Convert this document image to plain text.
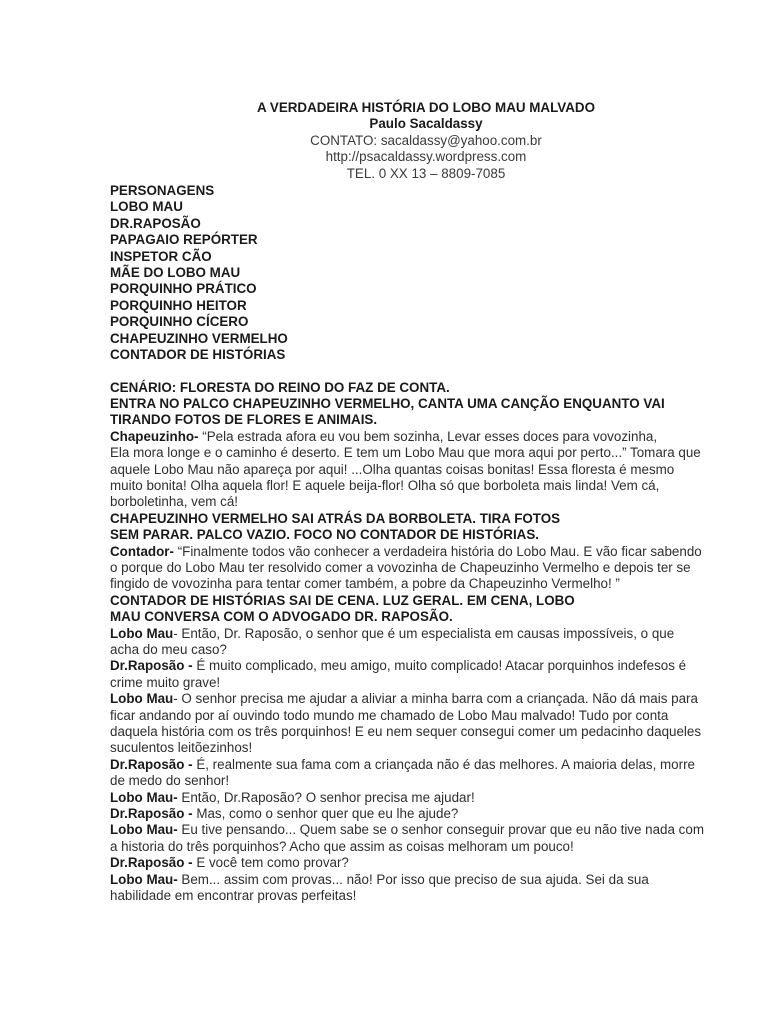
A VERDADEIRA HISTÓRIA DO LOBO MAU MALVADO
Paulo Sacaldassy
CONTATO: sacaldassy@yahoo.com.br
http://psacaldassy.wordpress.com
TEL. 0 XX 13 – 8809-7085
PERSONAGENS
LOBO MAU
DR.RAPOSÃO
PAPAGAIO REPÓRTER
INSPETOR CÃO
MÃE DO LOBO MAU
PORQUINHO PRÁTICO
PORQUINHO HEITOR
PORQUINHO CÍCERO
CHAPEUZINHO VERMELHO
CONTADOR DE HISTÓRIAS
CENÁRIO: FLORESTA DO REINO DO FAZ DE CONTA.
ENTRA NO PALCO CHAPEUZINHO VERMELHO, CANTA UMA CANÇÃO ENQUANTO VAI
TIRANDO FOTOS DE FLORES E ANIMAIS.
Chapeuzinho- “Pela estrada afora eu vou bem sozinha, Levar esses doces para vovozinha,
Ela mora longe e o caminho é deserto. E tem um Lobo Mau que mora aqui por perto...” Tomara que
aquele Lobo Mau não apareça por aqui! ...Olha quantas coisas bonitas! Essa floresta é mesmo
muito bonita! Olha aquela flor! E aquele beija-flor! Olha só que borboleta mais linda! Vem cá,
borboletinha, vem cá!
CHAPEUZINHO VERMELHO SAI ATRÁS DA BORBOLETA. TIRA FOTOS
SEM PARAR. PALCO VAZIO. FOCO NO CONTADOR DE HISTÓRIAS.
Contador- “Finalmente todos vão conhecer a verdadeira história do Lobo Mau. E vão ficar sabendo
o porque do Lobo Mau ter resolvido comer a vovozinha de Chapeuzinho Vermelho e depois ter se
fingido de vovozinha para tentar comer também, a pobre da Chapeuzinho Vermelho! ”
CONTADOR DE HISTÓRIAS SAI DE CENA. LUZ GERAL. EM CENA, LOBO
MAU CONVERSA COM O ADVOGADO DR. RAPOSÃO.
Lobo Mau- Então, Dr. Raposão, o senhor que é um especialista em causas impossíveis, o que
acha do meu caso?
Dr.Raposão - É muito complicado, meu amigo, muito complicado! Atacar porquinhos indefesos é
crime muito grave!
Lobo Mau- O senhor precisa me ajudar a aliviar a minha barra com a criançada. Não dá mais para
ficar andando por aí ouvindo todo mundo me chamado de Lobo Mau malvado! Tudo por conta
daquela história com os três porquinhos! E eu nem sequer consegui comer um pedacinho daqueles
suculentos leitõezinhos!
Dr.Raposão - É, realmente sua fama com a criançada não é das melhores. A maioria delas, morre
de medo do senhor!
Lobo Mau- Então, Dr.Raposão? O senhor precisa me ajudar!
Dr.Raposão - Mas, como o senhor quer que eu lhe ajude?
Lobo Mau- Eu tive pensando... Quem sabe se o senhor conseguir provar que eu não tive nada com
a historia do três porquinhos? Acho que assim as coisas melhoram um pouco!
Dr.Raposão - E você tem como provar?
Lobo Mau- Bem... assim com provas... não! Por isso que preciso de sua ajuda. Sei da sua
habilidade em encontrar provas perfeitas!
